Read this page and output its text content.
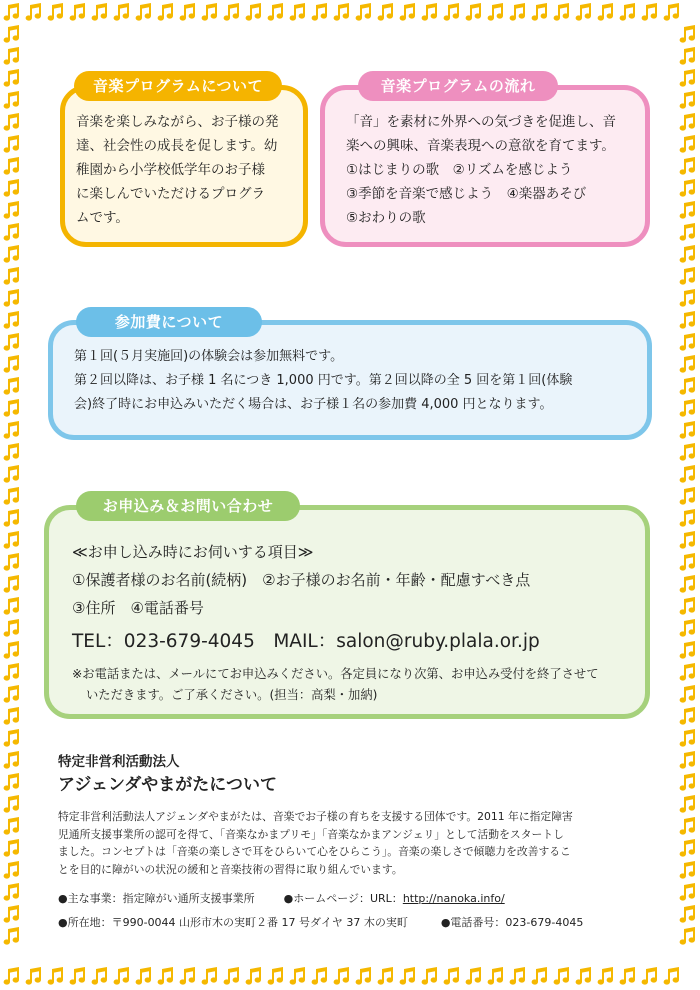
音楽プログラムについて
音楽を楽しみながら、お子様の発
達、社会性の成長を促します。幼
稚園から小学校低学年のお子様
に楽しんでいただけるプログラ
ムです。
音楽プログラムの流れ
「音」を素材に外界への気づきを促進し、音
楽への興味、音楽表現への意欲を育てます。
①はじまりの歌　②リズムを感じよう
③季節を音楽で感じよう　④楽器あそび
⑤おわりの歌
参加費について
第１回(５月実施回)の体験会は参加無料です。
第２回以降は、お子様 1 名につき 1,000 円です。第２回以降の全 5 回を第１回(体験
会)終了時にお申込みいただく場合は、お子様１名の参加費 4,000 円となります。
お申込み＆お問い合わせ
≪お申し込み時にお伺いする項目≫
①保護者様のお名前(続柄)　②お子様のお名前・年齢・配慮すべき点
③住所　④電話番号
TEL：023-679-4045　MAIL：salon@ruby.plala.or.jp
※お電話または、メールにてお申込みください。各定員になり次第、お申込み受付を終了させて
いただきます。ご了承ください。(担当：高梨・加納)
特定非営利活動法人
アジェンダやまがたについて
特定非営利活動法人アジェンダやまがたは、音楽でお子様の育ちを支援する団体です。2011 年に指定障害
児通所支援事業所の認可を得て、「音楽なかまプリモ」「音楽なかまアンジェリ」として活動をスタートし
ました。コンセプトは「音楽の楽しさで耳をひらいて心をひらこう」。音楽の楽しさで傾聴力を改善するこ
とを目的に障がいの状況の緩和と音楽技術の習得に取り組んでいます。
●主な事業：指定障がい通所支援事業所	●ホームページ：URL：http://nanoka.info/
●所在地：〒990-0044 山形市木の実町２番 17 号ダイヤ 37 木の実町	●電話番号：023-679-4045
